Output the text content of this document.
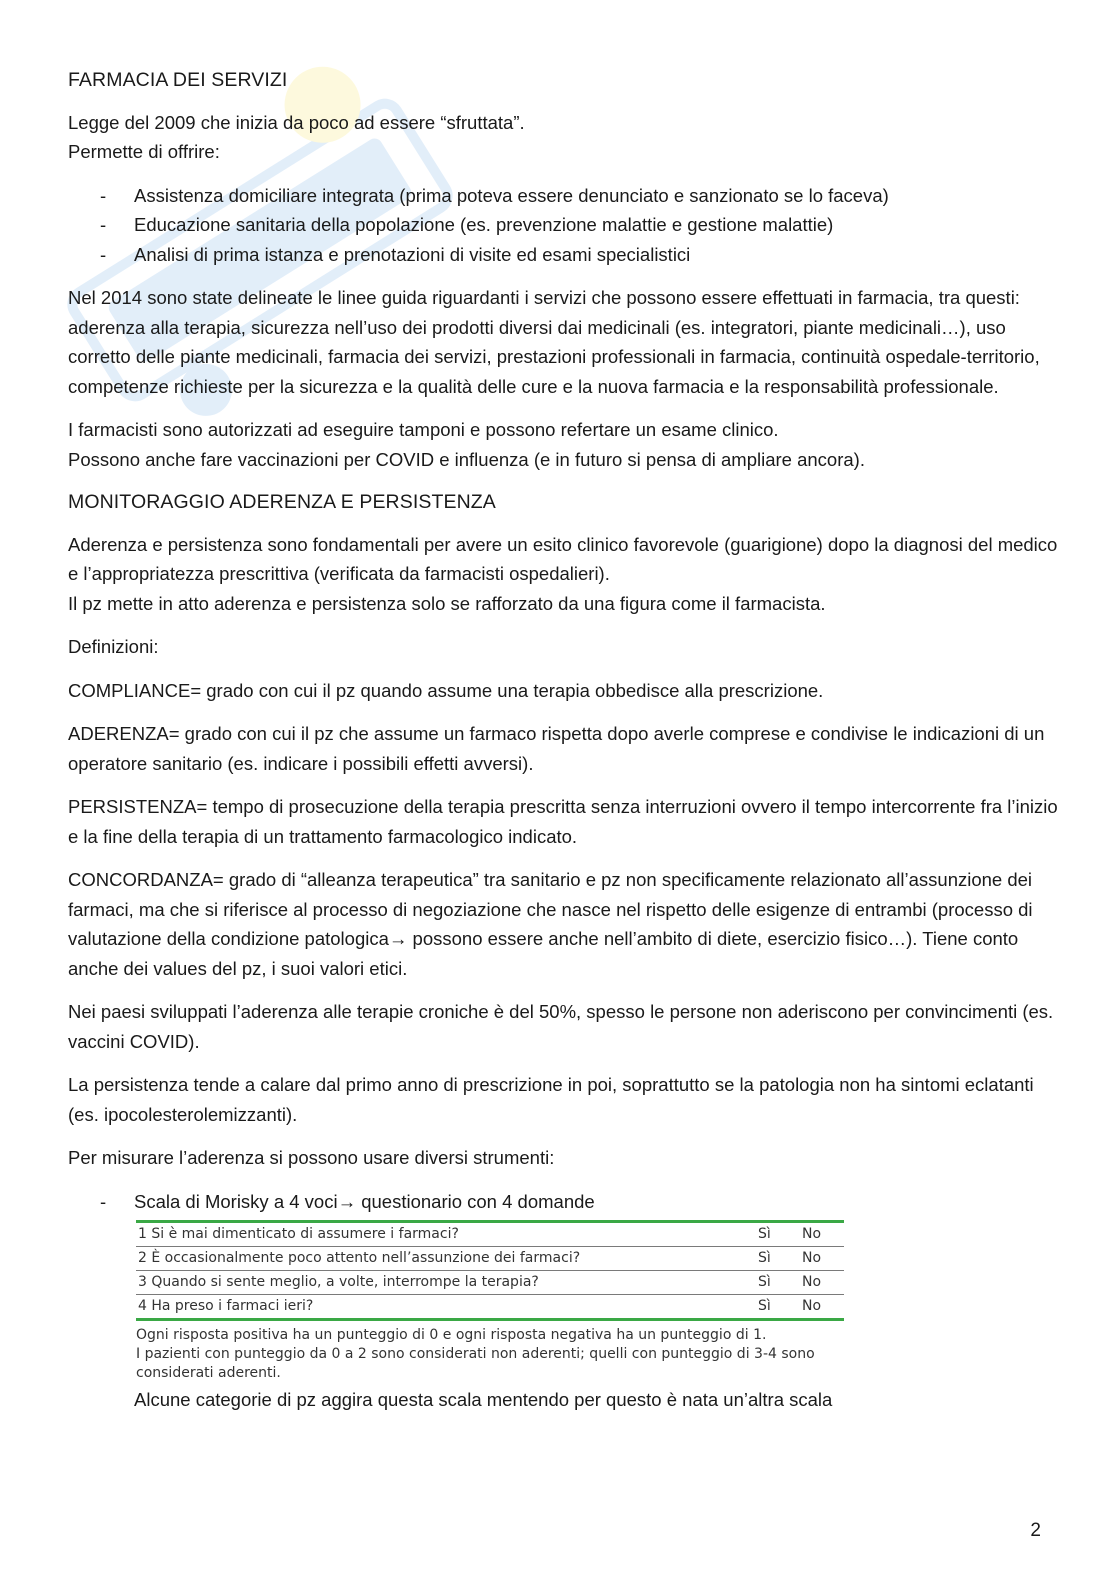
FARMACIA DEI SERVIZI

Legge del 2009 che inizia da poco ad essere “sfruttata”.
Permette di offrire:

- Assistenza domiciliare integrata (prima poteva essere denunciato e sanzionato se lo faceva)
- Educazione sanitaria della popolazione (es. prevenzione malattie e gestione malattie)
- Analisi di prima istanza e prenotazioni di visite ed esami specialistici

Nel 2014 sono state delineate le linee guida riguardanti i servizi che possono essere effettuati in farmacia, tra questi: aderenza alla terapia, sicurezza nell’uso dei prodotti diversi dai medicinali (es. integratori, piante medicinali…), uso corretto delle piante medicinali, farmacia dei servizi, prestazioni professionali in farmacia, continuità ospedale-territorio, competenze richieste per la sicurezza e la qualità delle cure e la nuova farmacia e la responsabilità professionale.

I farmacisti sono autorizzati ad eseguire tamponi e possono refertare un esame clinico.
Possono anche fare vaccinazioni per COVID e influenza (e in futuro si pensa di ampliare ancora).

MONITORAGGIO ADERENZA E PERSISTENZA

Aderenza e persistenza sono fondamentali per avere un esito clinico favorevole (guarigione) dopo la diagnosi del medico e l’appropriatezza prescrittiva (verificata da farmacisti ospedalieri).
Il pz mette in atto aderenza e persistenza solo se rafforzato da una figura come il farmacista.

Definizioni:

COMPLIANCE= grado con cui il pz quando assume una terapia obbedisce alla prescrizione.

ADERENZA= grado con cui il pz che assume un farmaco rispetta dopo averle comprese e condivise le indicazioni di un operatore sanitario (es. indicare i possibili effetti avversi).

PERSISTENZA= tempo di prosecuzione della terapia prescritta senza interruzioni ovvero il tempo intercorrente fra l’inizio e la fine della terapia di un trattamento farmacologico indicato.

CONCORDANZA= grado di “alleanza terapeutica” tra sanitario e pz non specificamente relazionato all’assunzione dei farmaci, ma che si riferisce al processo di negoziazione che nasce nel rispetto delle esigenze di entrambi (processo di valutazione della condizione patologica→ possono essere anche nell’ambito di diete, esercizio fisico…). Tiene conto anche dei values del pz, i suoi valori etici.

Nei paesi sviluppati l’aderenza alle terapie croniche è del 50%, spesso le persone non aderiscono per convincimenti (es. vaccini COVID).

La persistenza tende a calare dal primo anno di prescrizione in poi, soprattutto se la patologia non ha sintomi eclatanti (es. ipocolesterolemizzanti).

Per misurare l’aderenza si possono usare diversi strumenti:

- Scala di Morisky a 4 voci→ questionario con 4 domande
1 Si è mai dimenticato di assumere i farmaci?	Sì	No
2 È occasionalmente poco attento nell’assunzione dei farmaci?	Sì	No
3 Quando si sente meglio, a volte, interrompe la terapia?	Sì	No
4 Ha preso i farmaci ieri?	Sì	No
Ogni risposta positiva ha un punteggio di 0 e ogni risposta negativa ha un punteggio di 1.
I pazienti con punteggio da 0 a 2 sono considerati non aderenti; quelli con punteggio di 3-4 sono considerati aderenti.
Alcune categorie di pz aggira questa scala mentendo per questo è nata un’altra scala
2
